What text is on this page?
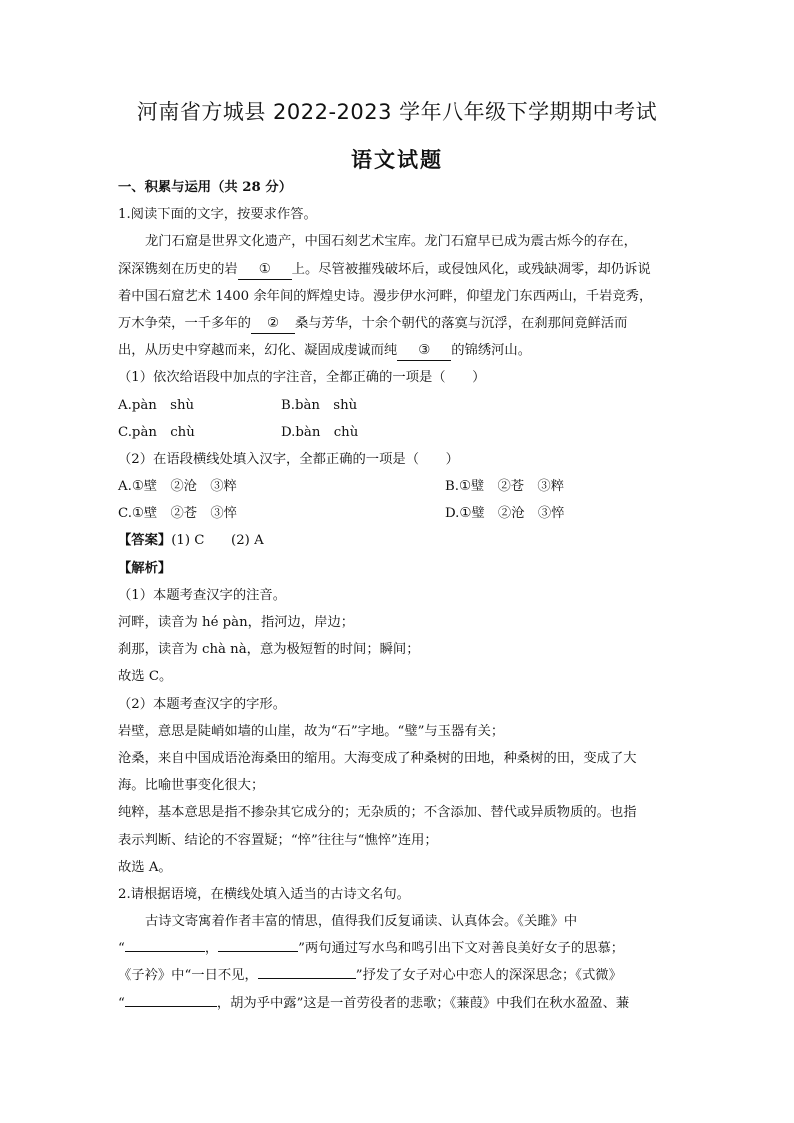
河南省方城县 2022-2023 学年八年级下学期期中考试
语文试题
一、积累与运用（共 28 分）
1.阅读下面的文字，按要求作答。
龙门石窟是世界文化遗产，中国石刻艺术宝库。龙门石窟早已成为震古烁今的存在，
深深镌刻在历史的岩 ① 上。尽管被摧残破坏后，或侵蚀风化，或残缺凋零，却仍诉说
着中国石窟艺术 1400 余年间的辉煌史诗。漫步伊水河畔，仰望龙门东西两山，千岩竞秀，
万木争荣，一千多年的 ② 桑与芳华，十余个朝代的落寞与沉浮，在刹那间竟鲜活而
出，从历史中穿越而来，幻化、凝固成虔诚而纯 ③ 的锦绣河山。
（1）依次给语段中加点的字注音，全都正确的一项是（　　）
A.pàn　shù	B.bàn　shù
C.pàn　chù	D.bàn　chù
（2）在语段横线处填入汉字，全都正确的一项是（　　）
A.①壁　②沧　③粹	B.①璧　②苍　③粹
C.①壁　②苍　③悴	D.①璧　②沧　③悴
【答案】(1) C　　(2) A
【解析】
（1）本题考查汉字的注音。
河畔，读音为 hé pàn，指河边，岸边；
刹那，读音为 chà nà，意为极短暂的时间；瞬间；
故选 C。
（2）本题考查汉字的字形。
岩壁，意思是陡峭如墙的山崖，故为“石”字地。“璧”与玉器有关；
沧桑，来自中国成语沧海桑田的缩用。大海变成了种桑树的田地，种桑树的田，变成了大
海。比喻世事变化很大；
纯粹，基本意思是指不掺杂其它成分的；无杂质的；不含添加、替代或异质物质的。也指
表示判断、结论的不容置疑；“悴”往往与“憔悴”连用；
故选 A。
2.请根据语境，在横线处填入适当的古诗文名句。
古诗文寄寓着作者丰富的情思，值得我们反复诵读、认真体会。《关雎》中
“	，	”两句通过写水鸟和鸣引出下文对善良美好女子的思慕；
《子衿》中“一日不见，	”抒发了女子对心中恋人的深深思念；《式微》
“	，胡为乎中露”这是一首劳役者的悲歌；《蒹葭》中我们在秋水盈盈、蒹
